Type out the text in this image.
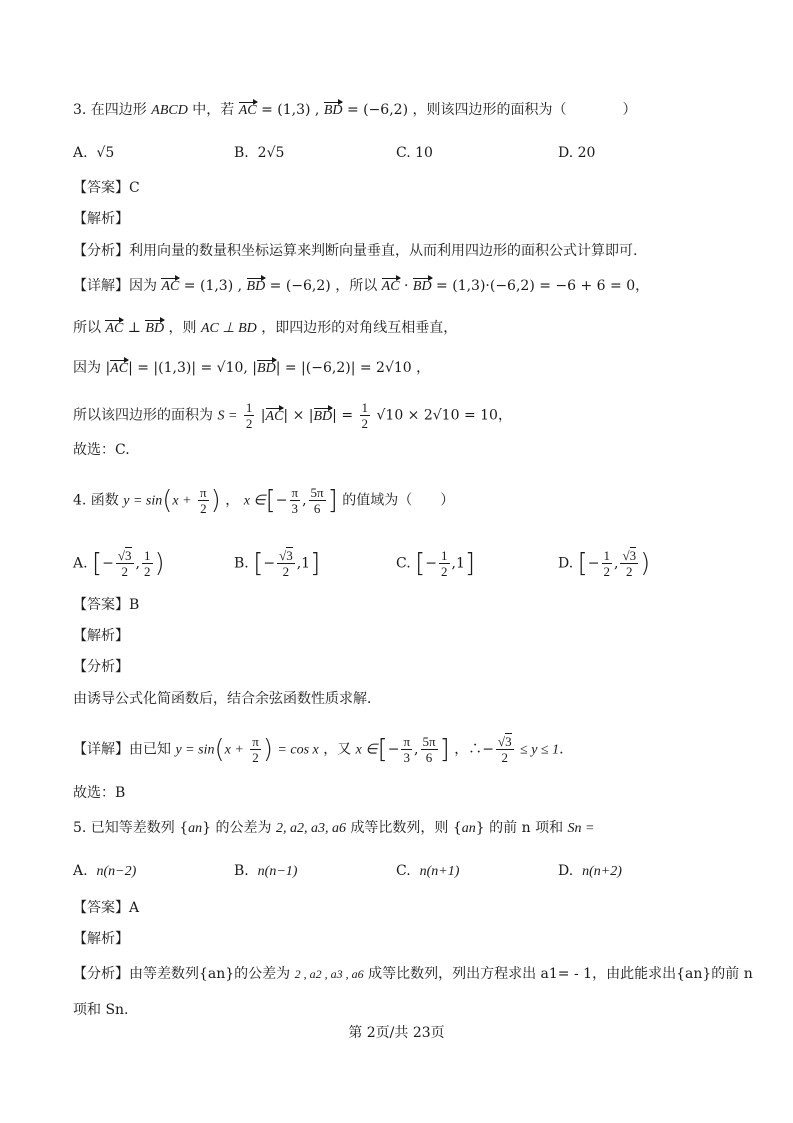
3. 在四边形 ABCD 中，若 AC = (1,3) , BD = (−6,2) ，则该四边形的面积为（　　　　）
A. √5	B. 2√5	C. 10	D. 20
【答案】C
【解析】
【分析】利用向量的数量积坐标运算来判断向量垂直，从而利用四边形的面积公式计算即可.
【详解】因为 AC = (1,3) , BD = (−6,2) ，所以 AC · BD = (1,3)·(−6,2) = −6 + 6 = 0，
所以 AC ⊥ BD ，则 AC ⊥ BD ，即四边形的对角线互相垂直，
因为 |AC| = |(1,3)| = √10, |BD| = |(−6,2)| = 2√10 ，
所以该四边形的面积为 $S = \frac{1}{2} |AC| \times |BD| = \frac{1}{2} √10 \times 2√10 = 10$，
故选：C.
4. 函数 $y = \sin(x + \frac{\pi}{2}$ ) ， x ∈[− $\frac{\pi}{3}$ , $\frac{5\pi}{6}$ ] 的值域为（　　）
A. [− $\frac{√3}{2}$ , $\frac{1}{2}$ )	B. [− $\frac{√3}{2} ,1$]	C. [− $\frac{1}{2} ,1$]	D. [− $\frac{1}{2}$ , $\frac{√3}{2}$ )
【答案】B
【解析】
【分析】
由诱导公式化简函数后，结合余弦函数性质求解．
【详解】由已知 $y = \sin(x + \frac{\pi}{2}$ ) = cos x ，又 x ∈[− $\frac{\pi}{3}$ , $\frac{5\pi}{6}$ ] ，∴− $\frac{√3}{2} \le y \le 1$.
故选：B
5. 已知等差数列 {an} 的公差为 2, a2, a3, a6 成等比数列，则 {an} 的前 n 项和 Sn =
A. n(n−2)	B. n(n−1)	C. n(n+1)	D. n(n+2)
【答案】A
【解析】
【分析】由等差数列{an}的公差为 2 , a2 , a3 , a6 成等比数列，列出方程求出 a1= - 1，由此能求出{an}的前 n
项和 Sn.
第 2页/共 23页
